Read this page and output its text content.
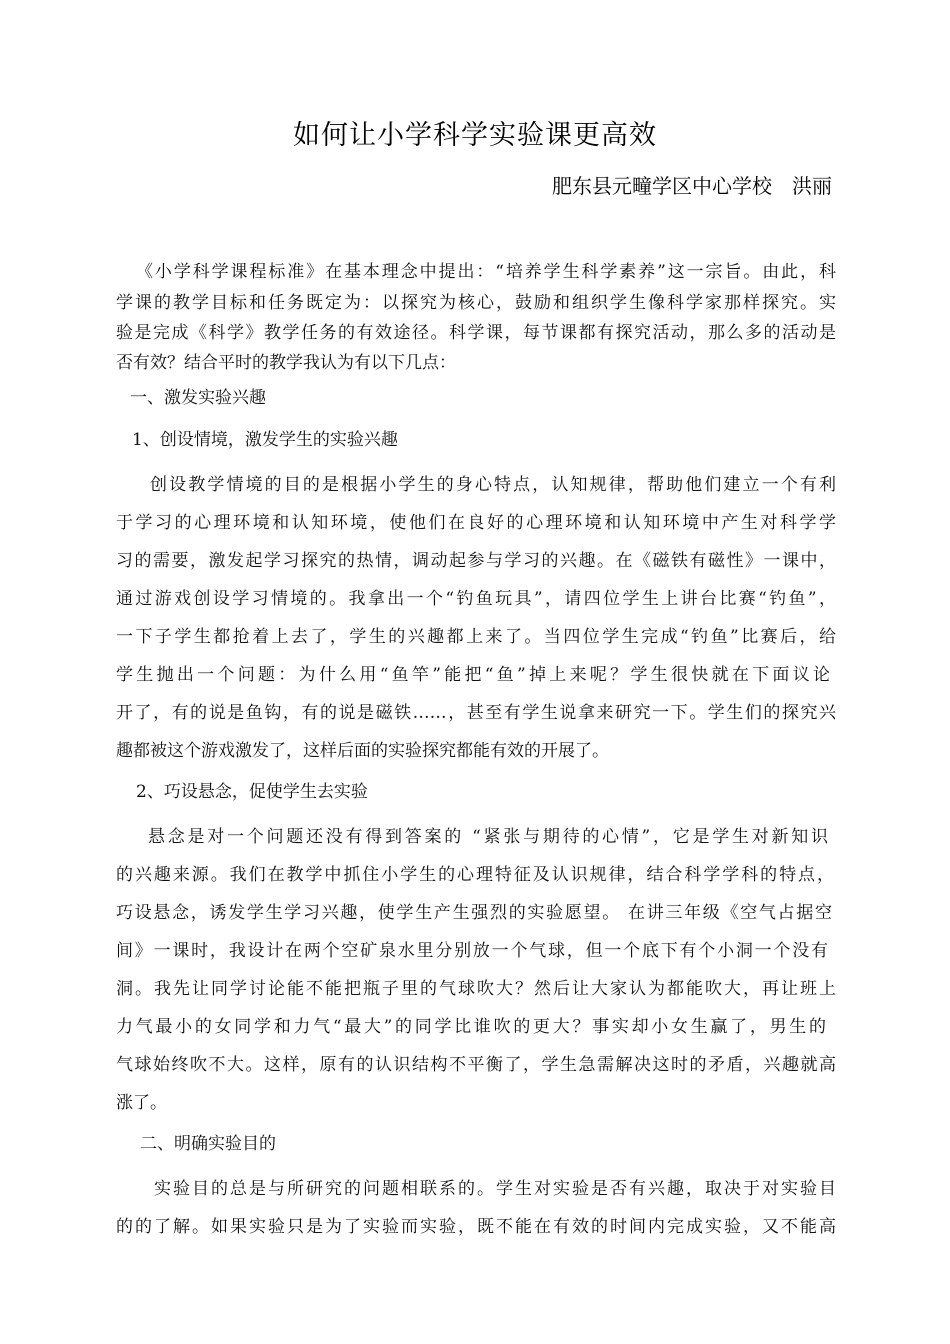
如何让小学科学实验课更高效
肥东县元疃学区中心学校　洪丽
《小学科学课程标准》在基本理念中提出：“培养学生科学素养”这一宗旨。由此，科
学课的教学目标和任务既定为：以探究为核心，鼓励和组织学生像科学家那样探究。实
验是完成《科学》教学任务的有效途径。科学课，每节课都有探究活动，那么多的活动是
否有效？结合平时的教学我认为有以下几点：
一、激发实验兴趣
1、创设情境，激发学生的实验兴趣
创设教学情境的目的是根据小学生的身心特点，认知规律，帮助他们建立一个有利
于学习的心理环境和认知环境，使他们在良好的心理环境和认知环境中产生对科学学
习的需要，激发起学习探究的热情，调动起参与学习的兴趣。在《磁铁有磁性》一课中，
通过游戏创设学习情境的。我拿出一个“钓鱼玩具”，请四位学生上讲台比赛“钓鱼”，
一下子学生都抢着上去了，学生的兴趣都上来了。当四位学生完成“钓鱼”比赛后，给
学生抛出一个问题：为什么用“鱼竿”能把“鱼”掉上来呢？学生很快就在下面议论
开了，有的说是鱼钩，有的说是磁铁……，甚至有学生说拿来研究一下。学生们的探究兴
趣都被这个游戏激发了，这样后面的实验探究都能有效的开展了。
2、巧设悬念，促使学生去实验
悬念是对一个问题还没有得到答案的 “紧张与期待的心情”，它是学生对新知识
的兴趣来源。我们在教学中抓住小学生的心理特征及认识规律，结合科学学科的特点，
巧设悬念，诱发学生学习兴趣，使学生产生强烈的实验愿望。 在讲三年级《空气占据空
间》一课时，我设计在两个空矿泉水里分别放一个气球，但一个底下有个小洞一个没有
洞。我先让同学讨论能不能把瓶子里的气球吹大？然后让大家认为都能吹大，再让班上
力气最小的女同学和力气“最大”的同学比谁吹的更大？事实却小女生赢了，男生的
气球始终吹不大。这样，原有的认识结构不平衡了，学生急需解决这时的矛盾，兴趣就高
涨了。
二、明确实验目的
实验目的总是与所研究的问题相联系的。学生对实验是否有兴趣，取决于对实验目
的的了解。如果实验只是为了实验而实验，既不能在有效的时间内完成实验，又不能高
